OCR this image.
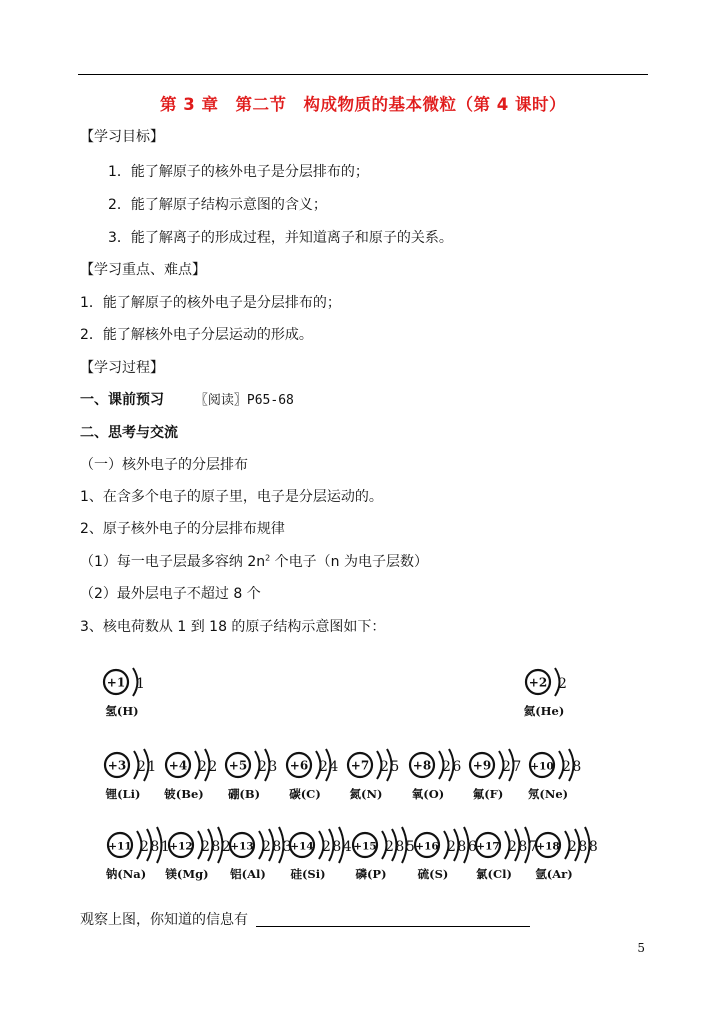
第 3 章　第二节　构成物质的基本微粒（第 4 课时）
【学习目标】
1．能了解原子的核外电子是分层排布的；
2．能了解原子结构示意图的含义；
3．能了解离子的形成过程，并知道离子和原子的关系。
【学习重点、难点】
1．能了解原子的核外电子是分层排布的；
2．能了解核外电子分层运动的形成。
【学习过程】
一、课前预习 〖阅读〗P65-68
二、思考与交流
（一）核外电子的分层排布
1、在含多个电子的原子里，电子是分层运动的。
2、原子核外电子的分层排布规律
（1）每一电子层最多容纳 $2n^2$ 个电子（n 为电子层数）
（2）最外层电子不超过 8 个
3、核电荷数从 1 到 18 的原子结构示意图如下：
+1 1
氢(H)
+2 2
氦(He)
+3 21
锂(Li)
+4 22
铍(Be)
+5 23
硼(B)
+6 24
碳(C)
+7 25
氮(N)
+8 26
氧(O)
+9 27
氟(F)
+10 28
氖(Ne)
+11 281
钠(Na)
+12 282
镁(Mg)
+13 283
铝(Al)
+14 284
硅(Si)
+15 285
磷(P)
+16 286
硫(S)
+17 287
氯(Cl)
+18 288
氩(Ar)
观察上图，你知道的信息有
5
